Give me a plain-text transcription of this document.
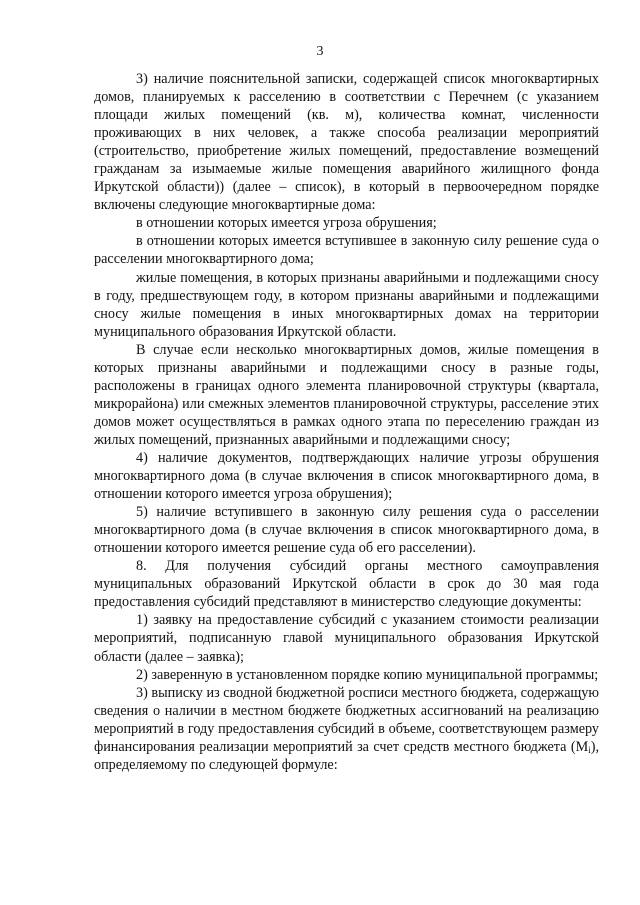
3

3) наличие пояснительной записки, содержащей список многоквартирных домов, планируемых к расселению в соответствии с Перечнем (с указанием площади жилых помещений (кв. м), количества комнат, численности проживающих в них человек, а также способа реализации мероприятий (строительство, приобретение жилых помещений, предоставление возмещений гражданам за изымаемые жилые помещения аварийного жилищного фонда Иркутской области)) (далее – список), в который в первоочередном порядке включены следующие многоквартирные дома:

в отношении которых имеется угроза обрушения;

в отношении которых имеется вступившее в законную силу решение суда о расселении многоквартирного дома;

жилые помещения, в которых признаны аварийными и подлежащими сносу в году, предшествующем году, в котором признаны аварийными и подлежащими сносу жилые помещения в иных многоквартирных домах на территории муниципального образования Иркутской области.

В случае если несколько многоквартирных домов, жилые помещения в которых признаны аварийными и подлежащими сносу в разные годы, расположены в границах одного элемента планировочной структуры (квартала, микрорайона) или смежных элементов планировочной структуры, расселение этих домов может осуществляться в рамках одного этапа по переселению граждан из жилых помещений, признанных аварийными и подлежащими сносу;

4) наличие документов, подтверждающих наличие угрозы обрушения многоквартирного дома (в случае включения в список многоквартирного дома, в отношении которого имеется угроза обрушения);

5) наличие вступившего в законную силу решения суда о расселении многоквартирного дома (в случае включения в список многоквартирного дома, в отношении которого имеется решение суда об его расселении).

8. Для получения субсидий органы местного самоуправления муниципальных образований Иркутской области в срок до 30 мая года предоставления субсидий представляют в министерство следующие документы:

1) заявку на предоставление субсидий с указанием стоимости реализации мероприятий, подписанную главой муниципального образования Иркутской области (далее – заявка);

2) заверенную в установленном порядке копию муниципальной программы;

3) выписку из сводной бюджетной росписи местного бюджета, содержащую сведения о наличии в местном бюджете бюджетных ассигнований на реализацию мероприятий в году предоставления субсидий в объеме, соответствующем размеру финансирования реализации мероприятий за счет средств местного бюджета $(M_i)$, определяемому по следующей формуле:
